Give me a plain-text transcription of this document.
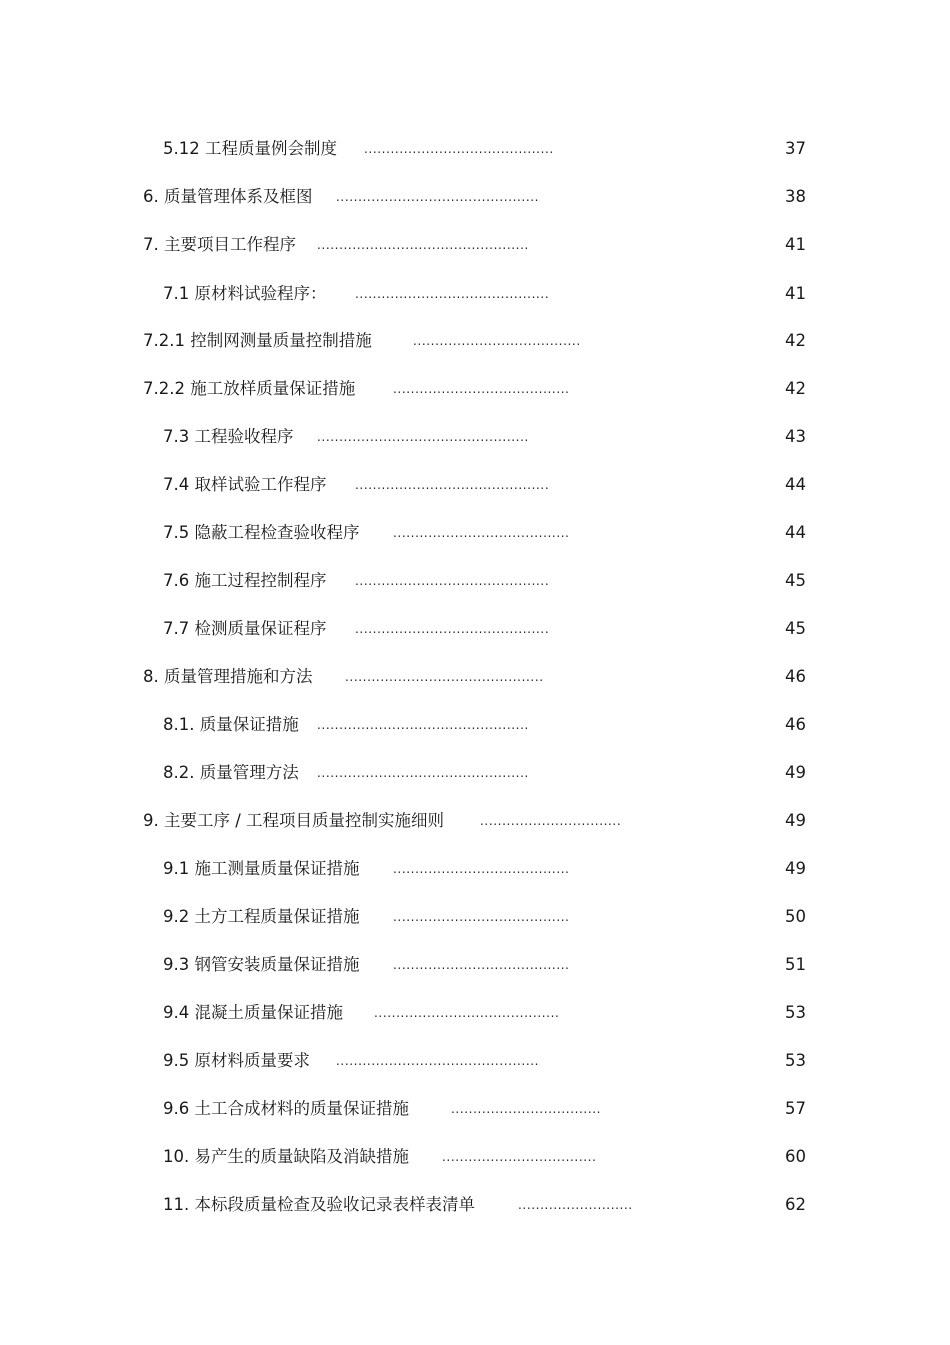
5.12 工程质量例会制度 ...........................................	37
6. 质量管理体系及框图 ..............................................	38
7. 主要项目工作程序 ................................................	41
7.1 原材料试验程序： ............................................	41
7.2.1 控制网测量质量控制措施	......................................	42
7.2.2 施工放样质量保证措施	........................................	42
7.3 工程验收程序 ................................................	43
7.4 取样试验工作程序 ............................................	44
7.5 隐蔽工程检查验收程序	........................................	44
7.6 施工过程控制程序 ............................................	45
7.7 检测质量保证程序 ............................................	45
8. 质量管理措施和方法	.............................................	46
8.1. 质量保证措施 ................................................	46
8.2. 质量管理方法 ................................................	49
9. 主要工序 / 工程项目质量控制实施细则	................................	49
9.1 施工测量质量保证措施	........................................	49
9.2 土方工程质量保证措施	........................................	50
9.3 钢管安装质量保证措施	........................................	51
9.4 混凝土质量保证措施	..........................................	53
9.5 原材料质量要求 ..............................................	53
9.6 土工合成材料的质量保证措施	..................................	57
10. 易产生的质量缺陷及消缺措施	...................................	60
11. 本标段质量检查及验收记录表样表清单	..........................	62
